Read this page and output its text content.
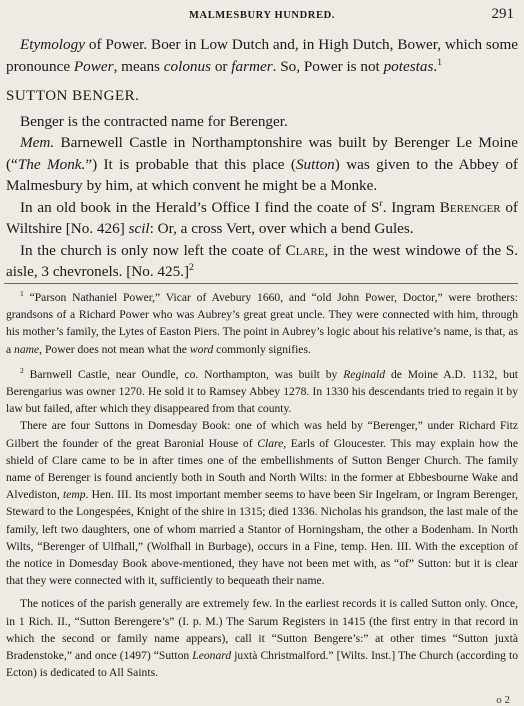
MALMESBURY HUNDRED.	291

Etymology of Power. Boer in Low Dutch and, in High Dutch, Bower, which some pronounce Power, means colonus or farmer. So, Power is not potestas.$^1$

SUTTON BENGER.

Benger is the contracted name for Berenger.

Mem. Barnewell Castle in Northamptonshire was built by Berenger Le Moine (“The Monk.”) It is probable that this place (Sutton) was given to the Abbey of Malmesbury by him, at which convent he might be a Monke.

In an old book in the Herald’s Office I find the coate of $S^r$. Ingram Berenger of Wiltshire [No. 426] scil: Or, a cross Vert, over which a bend Gules.

In the church is only now left the coate of Clare, in the west windowe of the S. aisle, 3 chevronels. [No. 425.]$^2$

$^1$ “Parson Nathaniel Power,” Vicar of Avebury 1660, and “old John Power, Doctor,” were brothers: grandsons of a Richard Power who was Aubrey’s great great uncle. They were connected with him, through his mother’s family, the Lytes of Easton Piers. The point in Aubrey’s logic about his relative’s name, is that, as a name, Power does not mean what the word commonly signifies.

$^2$ Barnwell Castle, near Oundle, co. Northampton, was built by Reginald de Moine A.D. 1132, but Berengarius was owner 1270. He sold it to Ramsey Abbey 1278. In 1330 his descendants tried to regain it by law but failed, after which they disappeared from that county.

There are four Suttons in Domesday Book: one of which was held by “Berenger,” under Richard Fitz Gilbert the founder of the great Baronial House of Clare, Earls of Gloucester. This may explain how the shield of Clare came to be in after times one of the embellishments of Sutton Benger Church. The family name of Berenger is found anciently both in South and North Wilts: in the former at Ebbesbourne Wake and Alvediston, temp. Hen. III. Its most important member seems to have been Sir Ingelram, or Ingram Berenger, Steward to the Longespées, Knight of the shire in 1315; died 1336. Nicholas his grandson, the last male of the family, left two daughters, one of whom married a Stantor of Horningsham, the other a Bodenham. In North Wilts, “Berenger of Ulfhall,” (Wolfhall in Burbage), occurs in a Fine, temp. Hen. III. With the exception of the notice in Domesday Book above-mentioned, they have not been met with, as “of” Sutton: but it is clear that they were connected with it, sufficiently to bequeath their name.

The notices of the parish generally are extremely few. In the earliest records it is called Sutton only. Once, in 1 Rich. II., “Sutton Berengere’s” (I. p. M.) The Sarum Registers in 1415 (the first entry in that record in which the second or family name appears), call it “Sutton Bengere’s:” at other times “Sutton juxtà Bradenstoke,” and once (1497) “Sutton Leonard juxtà Christmalford.” [Wilts. Inst.] The Church (according to Ecton) is dedicated to All Saints.

o 2
